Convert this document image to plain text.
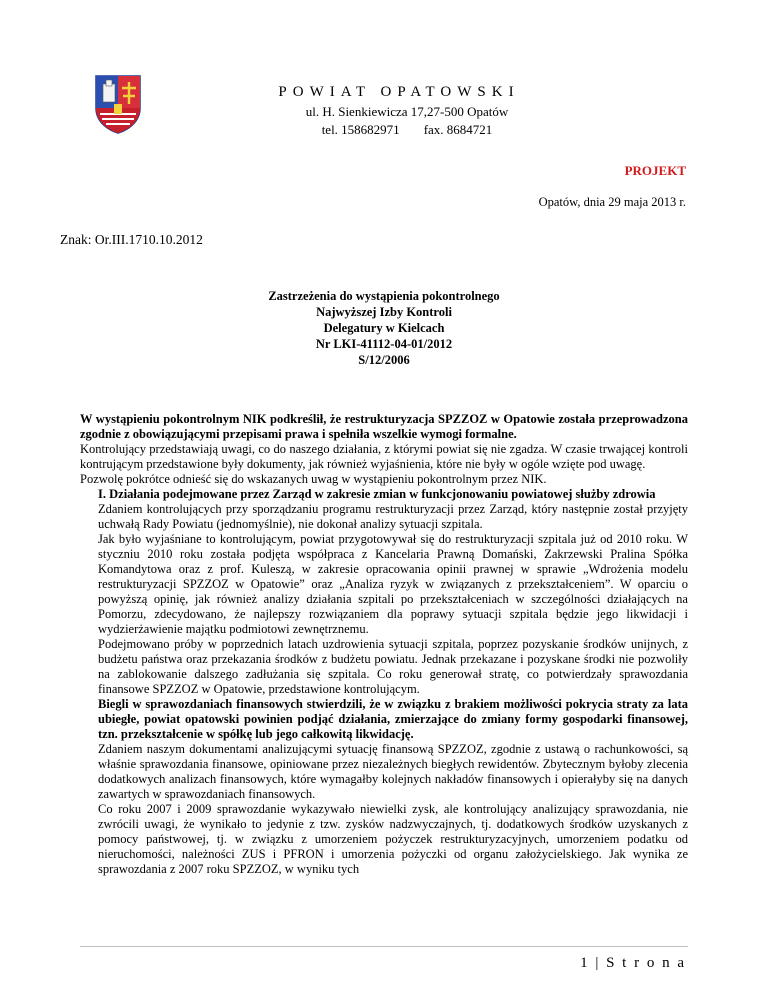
POWIAT OPATOWSKI
ul. H. Sienkiewicza 17,27-500 Opatów
tel. 158682971 fax. 8684721
PROJEKT
Opatów, dnia 29 maja 2013 r.
Znak: Or.III.1710.10.2012
Zastrzeżenia do wystąpienia pokontrolnego
Najwyższej Izby Kontroli
Delegatury w Kielcach
Nr LKI-41112-04-01/2012
S/12/2006

W wystąpieniu pokontrolnym NIK podkreślił, że restrukturyzacja SPZZOZ w Opatowie została przeprowadzona zgodnie z obowiązującymi przepisami prawa i spełniła wszelkie wymogi formalne.

Kontrolujący przedstawiają uwagi, co do naszego działania, z którymi powiat się nie zgadza. W czasie trwającej kontroli kontrującym przedstawione były dokumenty, jak również wyjaśnienia, które nie były w ogóle wzięte pod uwagę.

Pozwolę pokrótce odnieść się do wskazanych uwag w wystąpieniu pokontrolnym przez NIK.

I. Działania podejmowane przez Zarząd w zakresie zmian w funkcjonowaniu powiatowej służby zdrowia

Zdaniem kontrolujących przy sporządzaniu programu restrukturyzacji przez Zarząd, który następnie został przyjęty uchwałą Rady Powiatu (jednomyślnie), nie dokonał analizy sytuacji szpitala.

Jak było wyjaśniane to kontrolującym, powiat przygotowywał się do restrukturyzacji szpitala już od 2010 roku. W styczniu 2010 roku została podjęta współpraca z Kancelaria Prawną Domański, Zakrzewski Pralina Spółka Komandytowa oraz z prof. Kuleszą, w zakresie opracowania opinii prawnej w sprawie „Wdrożenia modelu restrukturyzacji SPZZOZ w Opatowie” oraz „Analiza ryzyk w związanych z przekształceniem”. W oparciu o powyższą opinię, jak również analizy działania szpitali po przekształceniach w szczególności działających na Pomorzu, zdecydowano, że najlepszy rozwiązaniem dla poprawy sytuacji szpitala będzie jego likwidacji i wydzierżawienie majątku podmiotowi zewnętrznemu.

Podejmowano próby w poprzednich latach uzdrowienia sytuacji szpitala, poprzez pozyskanie środków unijnych, z budżetu państwa oraz przekazania środków z budżetu powiatu. Jednak przekazane i pozyskane środki nie pozwoliły na zablokowanie dalszego zadłużania się szpitala. Co roku generował stratę, co potwierdzały sprawozdania finansowe SPZZOZ w Opatowie, przedstawione kontrolującym.

Biegli w sprawozdaniach finansowych stwierdzili, że w związku z brakiem możliwości pokrycia straty za lata ubiegłe, powiat opatowski powinien podjąć działania, zmierzające do zmiany formy gospodarki finansowej, tzn. przekształcenie w spółkę lub jego całkowitą likwidację.

Zdaniem naszym dokumentami analizującymi sytuację finansową SPZZOZ, zgodnie z ustawą o rachunkowości, są właśnie sprawozdania finansowe, opiniowane przez niezależnych biegłych rewidentów. Zbytecznym byłoby zlecenia dodatkowych analizach finansowych, które wymagałby kolejnych nakładów finansowych i opierałyby się na danych zawartych w sprawozdaniach finansowych.

Co roku 2007 i 2009 sprawozdanie wykazywało niewielki zysk, ale kontrolujący analizujący sprawozdania, nie zwrócili uwagi, że wynikało to jedynie z tzw. zysków nadzwyczajnych, tj. dodatkowych środków uzyskanych z pomocy państwowej, tj. w związku z umorzeniem pożyczek restrukturyzacyjnych, umorzeniem podatku od nieruchomości, należności ZUS i PFRON i umorzenia pożyczki od organu założycielskiego. Jak wynika ze sprawozdania z 2007 roku SPZZOZ, w wyniku tych

1 | S t r o n a
